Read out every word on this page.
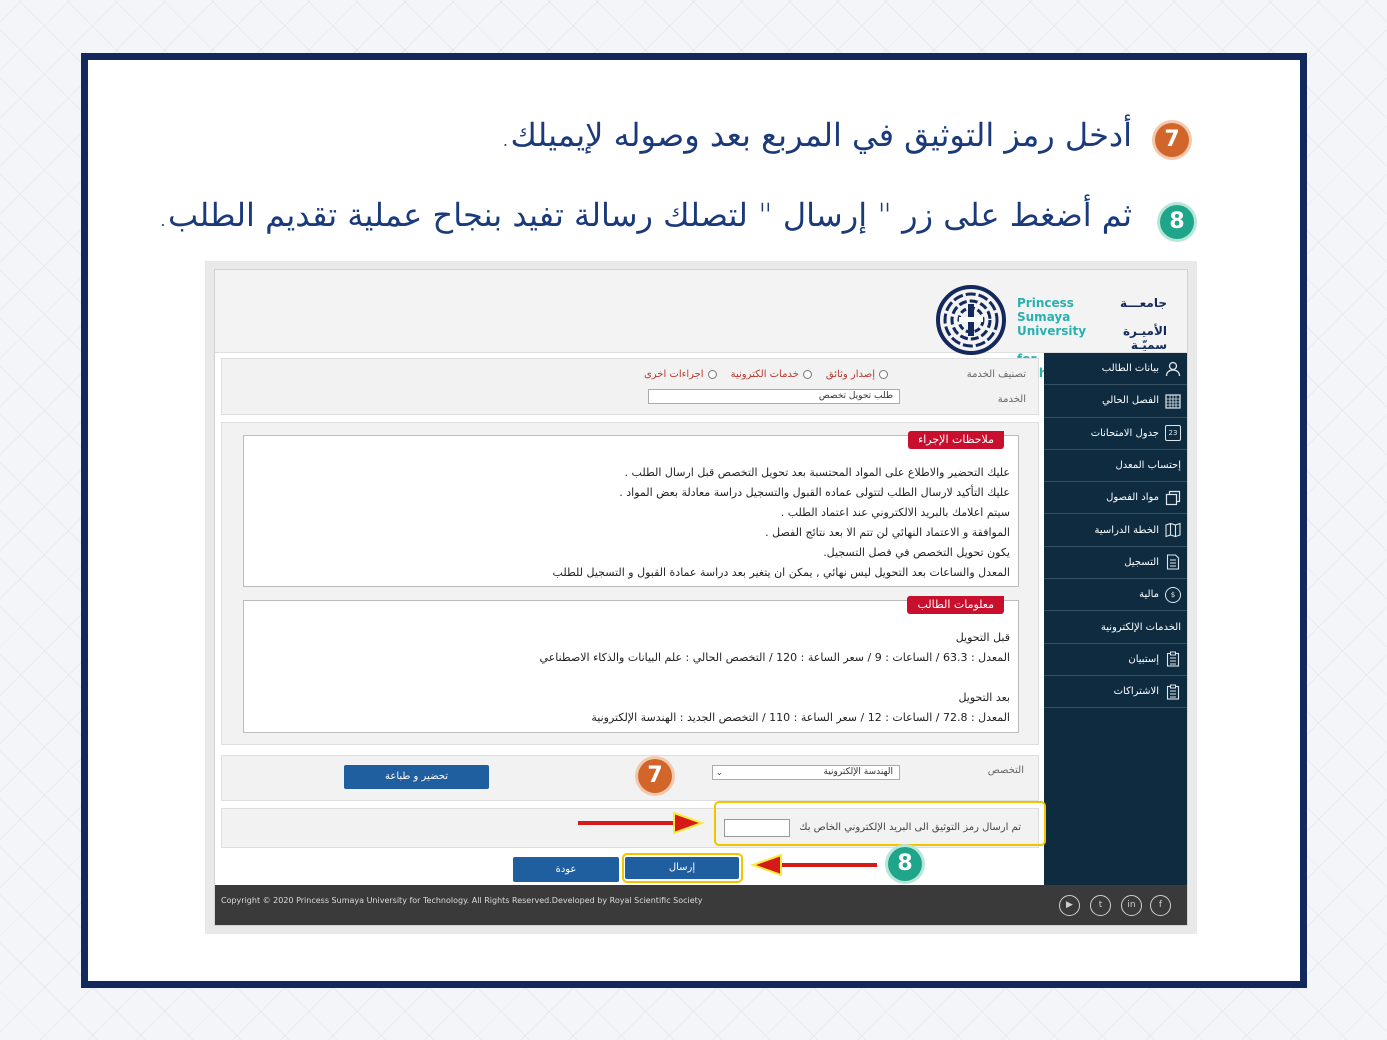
7
أدخل رمز التوثيق في المربع بعد وصوله لإيميلك.
8
ثم أضغط على زر " إرسال " لتصلك رسالة تفيد بنجاح عملية تقديم الطلب.
جامعـــة
Princess Sumaya
الأميـرة سميّـة
University
بيانات الطالب
الفصل الحالي
23
جدول الامتحانات
إحتساب المعدل
مواد الفصول
الخطة الدراسية
التسجيل
$
مالية
الخدمات الإلكترونية
إستبيان
الاشتراكات
تصنيف الخدمة
إصدار وثائق
خدمات الكترونية
اجراءات اخرى
الخدمة
طلب تحويل تخصص
ملاحظات الإجراء
عليك التحضير والاطلاع على المواد المحتسبة بعد تحويل التخصص قبل ارسال الطلب .
عليك التأكيد لارسال الطلب لتتولى عماده القبول والتسجيل دراسة معادلة بعض المواد .
سيتم اعلامك بالبريد الالكتروني عند اعتماد الطلب .
الموافقة و الاعتماد النهائي لن تتم الا بعد نتائج الفصل .
يكون تحويل التخصص في فصل التسجيل.
المعدل والساعات بعد التحويل ليس نهائي , يمكن ان يتغير بعد دراسة عمادة القبول و التسجيل للطلب
معلومات الطالب
قبل التحويل
المعدل : 63.3 / الساعات : 9 / سعر الساعة : 120 / التخصص الحالي : علم البيانات والذكاء الاصطناعي
بعد التحويل
المعدل : 72.8 / الساعات : 12 / سعر الساعة : 110 / التخصص الجديد : الهندسة الإلكترونية
التخصص
الهندسة الإلكترونية
⌄
تحضير و طباعة
تم ارسال رمز التوثيق الى البريد الإلكتروني الخاص بك
إرسال
عودة
Copyright © 2020 Princess Sumaya University for Technology. All Rights Reserved.Developed by Royal Scientific Society	f
in
t
▶
7
8
